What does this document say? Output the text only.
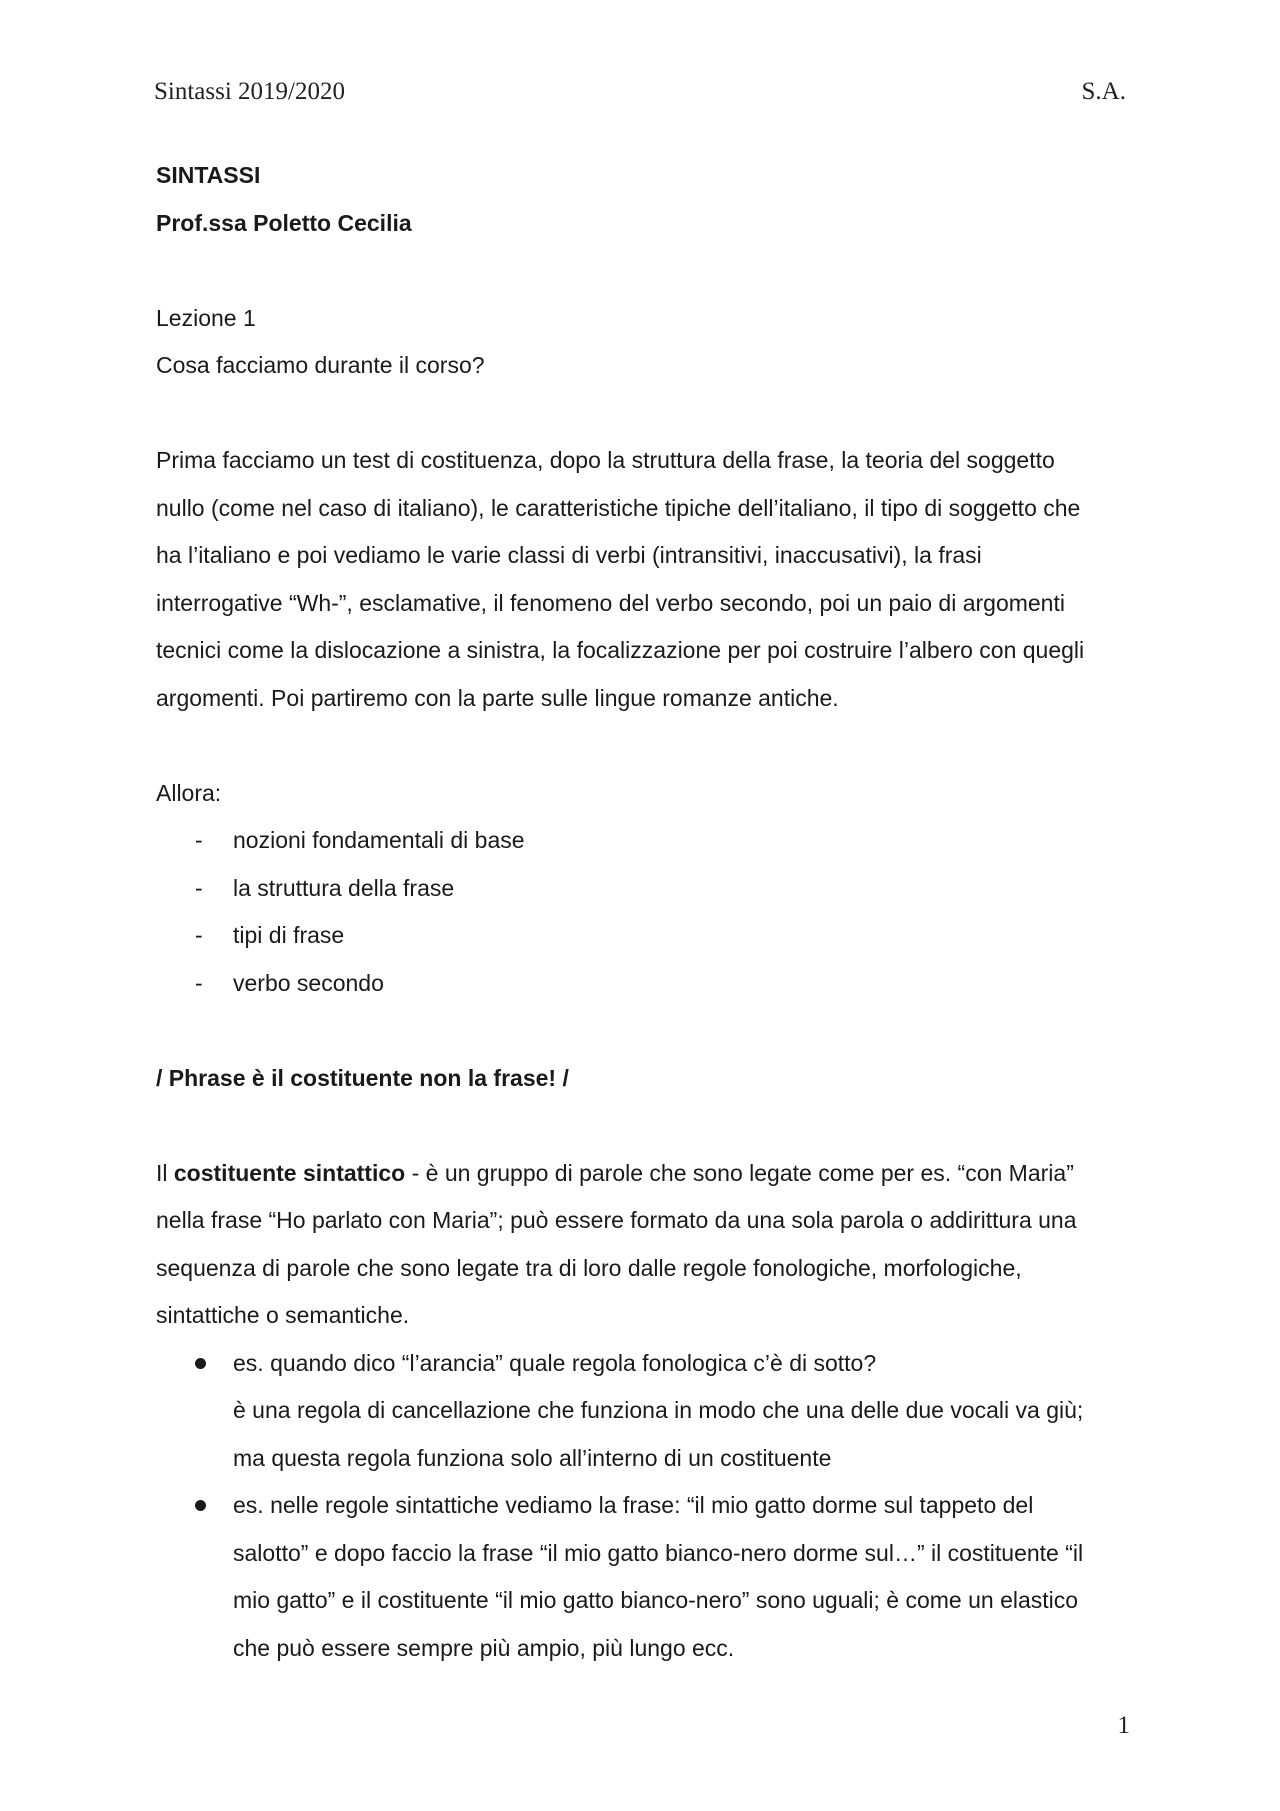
Sintassi 2019/2020	S.A.

SINTASSI

Prof.ssa Poletto Cecilia

Lezione 1

Cosa facciamo durante il corso?

Prima facciamo un test di costituenza, dopo la struttura della frase, la teoria del soggetto

nullo (come nel caso di italiano), le caratteristiche tipiche dell’italiano, il tipo di soggetto che

ha l’italiano e poi vediamo le varie classi di verbi (intransitivi, inaccusativi), la frasi

interrogative “Wh-”, esclamative, il fenomeno del verbo secondo, poi un paio di argomenti

tecnici come la dislocazione a sinistra, la focalizzazione per poi costruire l’albero con quegli

argomenti. Poi partiremo con la parte sulle lingue romanze antiche.

Allora:

- nozioni fondamentali di base
- la struttura della frase
- tipi di frase
- verbo secondo

/ Phrase è il costituente non la frase! /

Il costituente sintattico - è un gruppo di parole che sono legate come per es. “con Maria”

nella frase “Ho parlato con Maria”; può essere formato da una sola parola o addirittura una

sequenza di parole che sono legate tra di loro dalle regole fonologiche, morfologiche,

sintattiche o semantiche.

es. quando dico “l’arancia” quale regola fonologica c’è di sotto?

è una regola di cancellazione che funziona in modo che una delle due vocali va giù;

ma questa regola funziona solo all’interno di un costituente

es. nelle regole sintattiche vediamo la frase: “il mio gatto dorme sul tappeto del

salotto” e dopo faccio la frase “il mio gatto bianco-nero dorme sul…” il costituente “il

mio gatto” e il costituente “il mio gatto bianco-nero” sono uguali; è come un elastico

che può essere sempre più ampio, più lungo ecc.

1
